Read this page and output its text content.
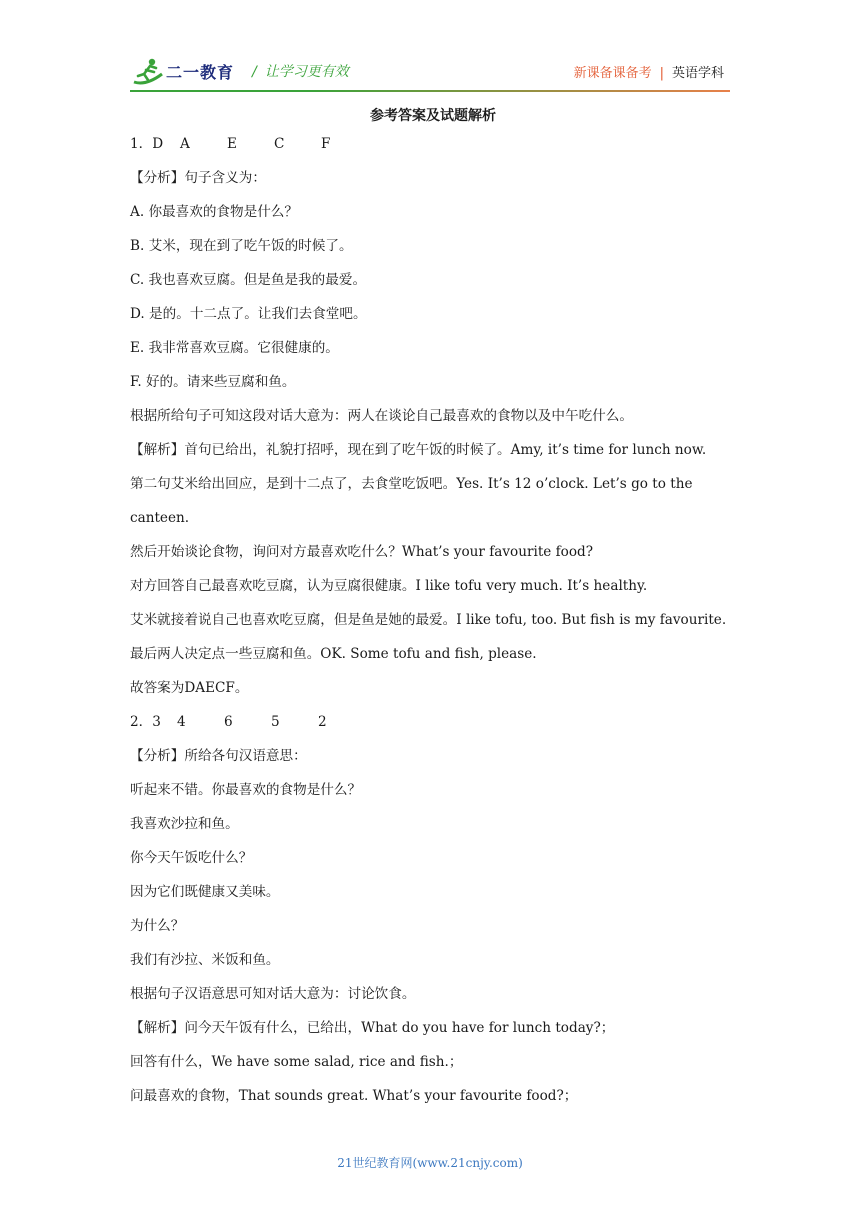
二一教育 / 让学习更有效	新课备课备考 | 英语学科
参考答案及试题解析
1．D A	E	C	F
【分析】句子含义为：
A. 你最喜欢的食物是什么？
B. 艾米，现在到了吃午饭的时候了。
C. 我也喜欢豆腐。但是鱼是我的最爱。
D. 是的。十二点了。让我们去食堂吧。
E. 我非常喜欢豆腐。它很健康的。
F. 好的。请来些豆腐和鱼。
根据所给句子可知这段对话大意为：两人在谈论自己最喜欢的食物以及中午吃什么。
【解析】首句已给出，礼貌打招呼，现在到了吃午饭的时候了。Amy, it’s time for lunch now.
第二句艾米给出回应，是到十二点了，去食堂吃饭吧。Yes. It’s 12 o’clock. Let’s go to the
canteen.
然后开始谈论食物，询问对方最喜欢吃什么？What’s your favourite food?
对方回答自己最喜欢吃豆腐，认为豆腐很健康。I like tofu very much. It’s healthy.
艾米就接着说自己也喜欢吃豆腐，但是鱼是她的最爱。I like tofu, too. But fish is my favourite.
最后两人决定点一些豆腐和鱼。OK. Some tofu and fish, please.
故答案为DAECF。
2．3 4	6	5	2
【分析】所给各句汉语意思：
听起来不错。你最喜欢的食物是什么？
我喜欢沙拉和鱼。
你今天午饭吃什么？
因为它们既健康又美味。
为什么？
我们有沙拉、米饭和鱼。
根据句子汉语意思可知对话大意为：讨论饮食。
【解析】问今天午饭有什么，已给出，What do you have for lunch today?；
回答有什么，We have some salad, rice and fish.；
问最喜欢的食物，That sounds great. What’s your favourite food?；
21世纪教育网(www.21cnjy.com)
